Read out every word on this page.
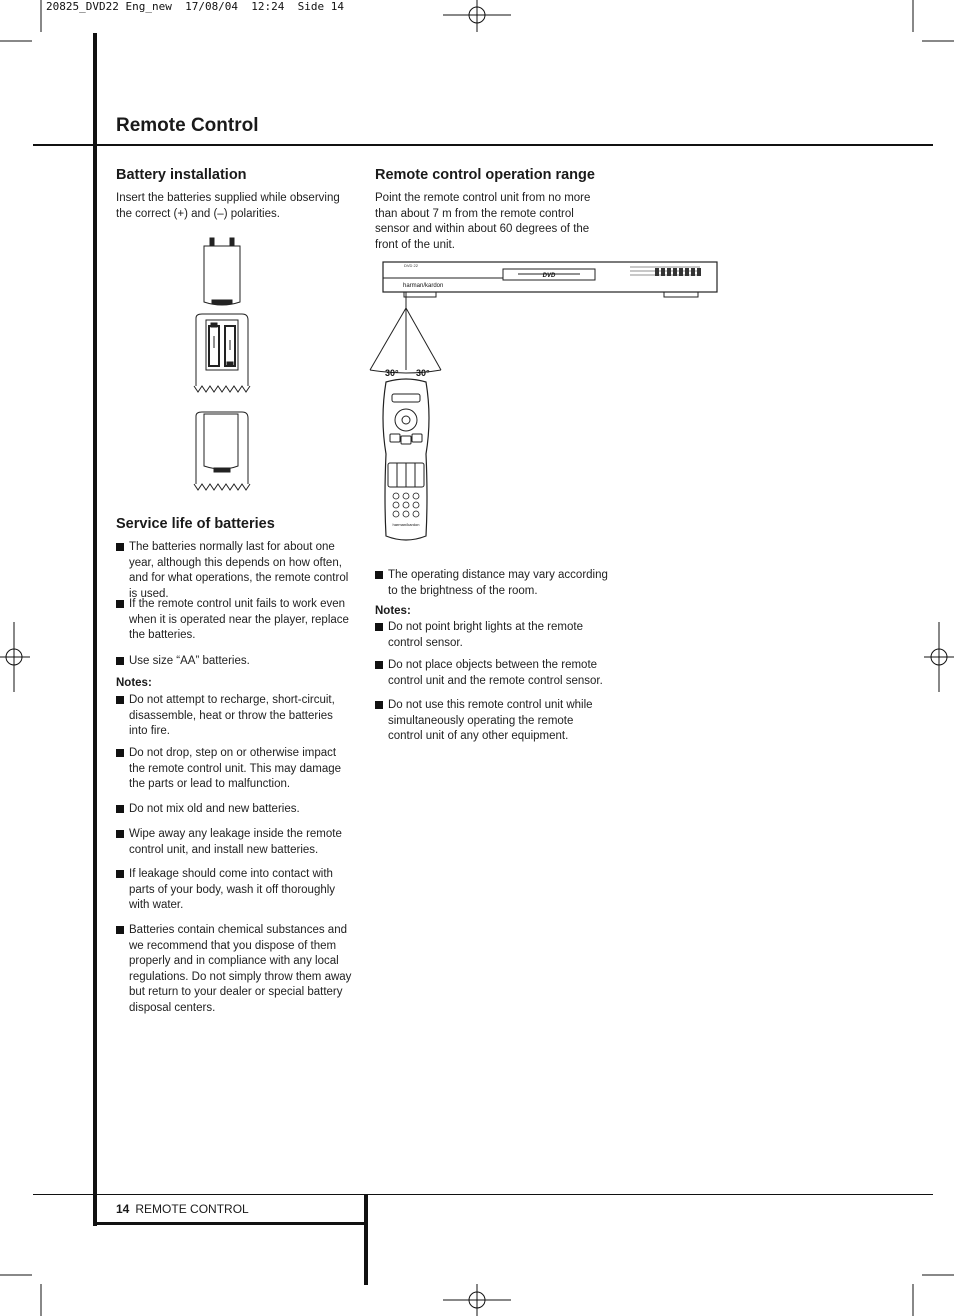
20825_DVD22 Eng_new  17/08/04  12:24  Side 14
Remote Control
Battery installation
Insert the batteries supplied while observing the correct (+) and (–) polarities.
Service life of batteries
The batteries normally last for about one year, although this depends on how often, and for what operations, the remote control is used.
If the remote control unit fails to work even when it is operated near the player, replace the batteries.
Use size “AA” batteries.
Notes:
Do not attempt to recharge, short-circuit, disassemble, heat or throw the batteries into fire.
Do not drop, step on or otherwise impact the remote control unit. This may damage the parts or lead to malfunction.
Do not mix old and new batteries.
Wipe away any leakage inside the remote control unit, and install new batteries.
If leakage should come into contact with parts of your body, wash it off thoroughly with water.
Batteries contain chemical substances and we recommend that you dispose of them properly and in compliance with any local regulations. Do not simply throw them away but return to your dealer or special battery disposal centers.
Remote control operation range
Point the remote control unit from no more than about 7 m from the remote control sensor and within about 60 degrees of the front of the unit.
DVD 22
DVD
harman/kardon
30° 30°
harman/kardon
The operating distance may vary according to the brightness of the room.
Notes:
Do not point bright lights at the remote control sensor.
Do not place objects between the remote control unit and the remote control sensor.
Do not use this remote control unit while simultaneously operating the remote control unit of any other equipment.
14 REMOTE CONTROL
